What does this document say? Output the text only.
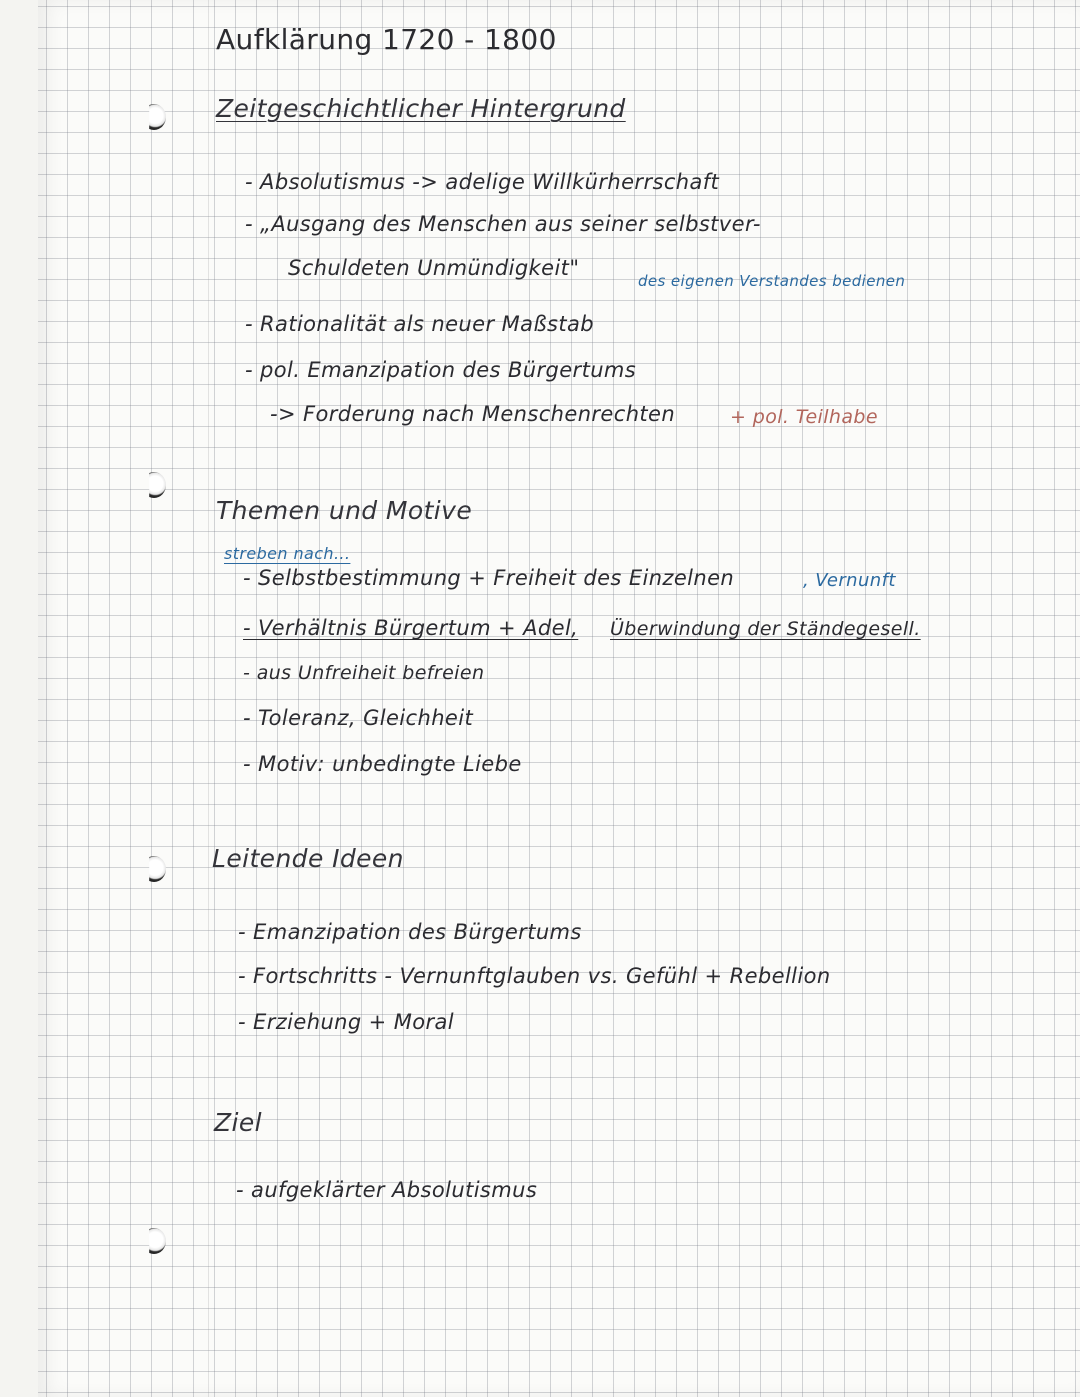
Aufklärung 1720 - 1800
Zeitgeschichtlicher Hintergrund
- Absolutismus -> adelige Willkürherrschaft
- „Ausgang des Menschen aus seiner selbstver-
Schuldeten Unmündigkeit"
des eigenen Verstandes bedienen
- Rationalität als neuer Maßstab
- pol. Emanzipation des Bürgertums
-> Forderung nach Menschenrechten	+ pol. Teilhabe
Themen und Motive
streben nach...
- Selbstbestimmung + Freiheit des Einzelnen	, Vernunft
- Verhältnis Bürgertum + Adel, Überwindung der Ständegesell.
- aus Unfreiheit befreien
- Toleranz, Gleichheit
- Motiv: unbedingte Liebe
Leitende Ideen
- Emanzipation des Bürgertums
- Fortschritts - Vernunftglauben vs. Gefühl + Rebellion
- Erziehung + Moral
Ziel
- aufgeklärter Absolutismus
